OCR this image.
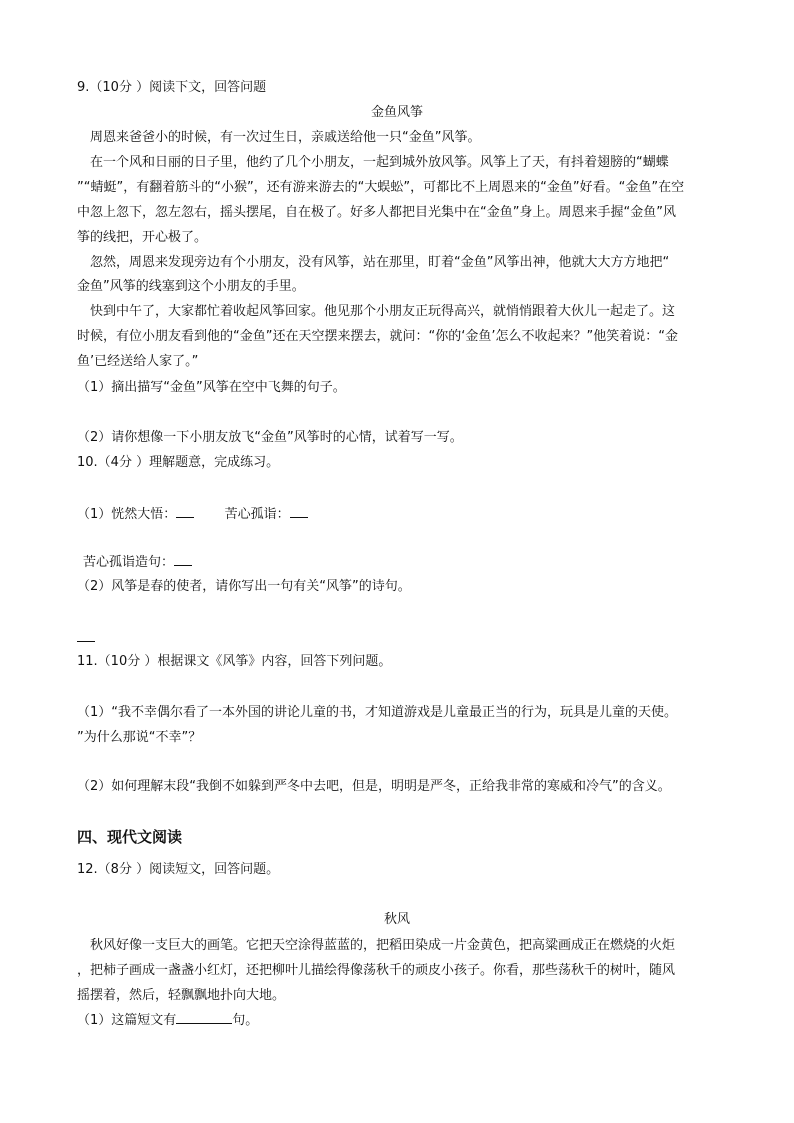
9.（10分 ）阅读下文，回答问题
金鱼风筝
周恩来爸爸小的时候，有一次过生日，亲戚送给他一只“金鱼”风筝。
在一个风和日丽的日子里，他约了几个小朋友，一起到城外放风筝。风筝上了天，有抖着翅膀的“蝴蝶
”“蜻蜓”，有翻着筋斗的“小猴”，还有游来游去的“大蜈蚣”，可都比不上周恩来的“金鱼”好看。“金鱼”在空
中忽上忽下，忽左忽右，摇头摆尾，自在极了。好多人都把目光集中在“金鱼”身上。周恩来手握“金鱼”风
筝的线把，开心极了。
忽然，周恩来发现旁边有个小朋友，没有风筝，站在那里，盯着“金鱼”风筝出神，他就大大方方地把“
金鱼”风筝的线塞到这个小朋友的手里。
快到中午了，大家都忙着收起风筝回家。他见那个小朋友正玩得高兴，就悄悄跟着大伙儿一起走了。这
时候，有位小朋友看到他的“金鱼”还在天空摆来摆去，就问：“你的‘金鱼’怎么不收起来？”他笑着说：“金
鱼’已经送给人家了。”
（1）摘出描写“金鱼”风筝在空中飞舞的句子。
（2）请你想像一下小朋友放飞“金鱼”风筝时的心情，试着写一写。
10.（4分 ）理解题意，完成练习。
（1）恍然大悟：	苦心孤诣：
苦心孤诣造句：
（2）风筝是春的使者，请你写出一句有关“风筝”的诗句。
11.（10分 ）根据课文《风筝》内容，回答下列问题。
（1）“我不幸偶尔看了一本外国的讲论儿童的书，才知道游戏是儿童最正当的行为，玩具是儿童的天使。
”为什么那说“不幸”？
（2）如何理解末段“我倒不如躲到严冬中去吧，但是，明明是严冬，正给我非常的寒威和冷气”的含义。
四、现代文阅读
12.（8分 ）阅读短文，回答问题。
秋风
秋风好像一支巨大的画笔。它把天空涂得蓝蓝的，把稻田染成一片金黄色，把高粱画成正在燃烧的火炬
，把柿子画成一盏盏小红灯，还把柳叶儿描绘得像荡秋千的顽皮小孩子。你看，那些荡秋千的树叶，随风
摇摆着，然后，轻飘飘地扑向大地。
（1）这篇短文有	句。
